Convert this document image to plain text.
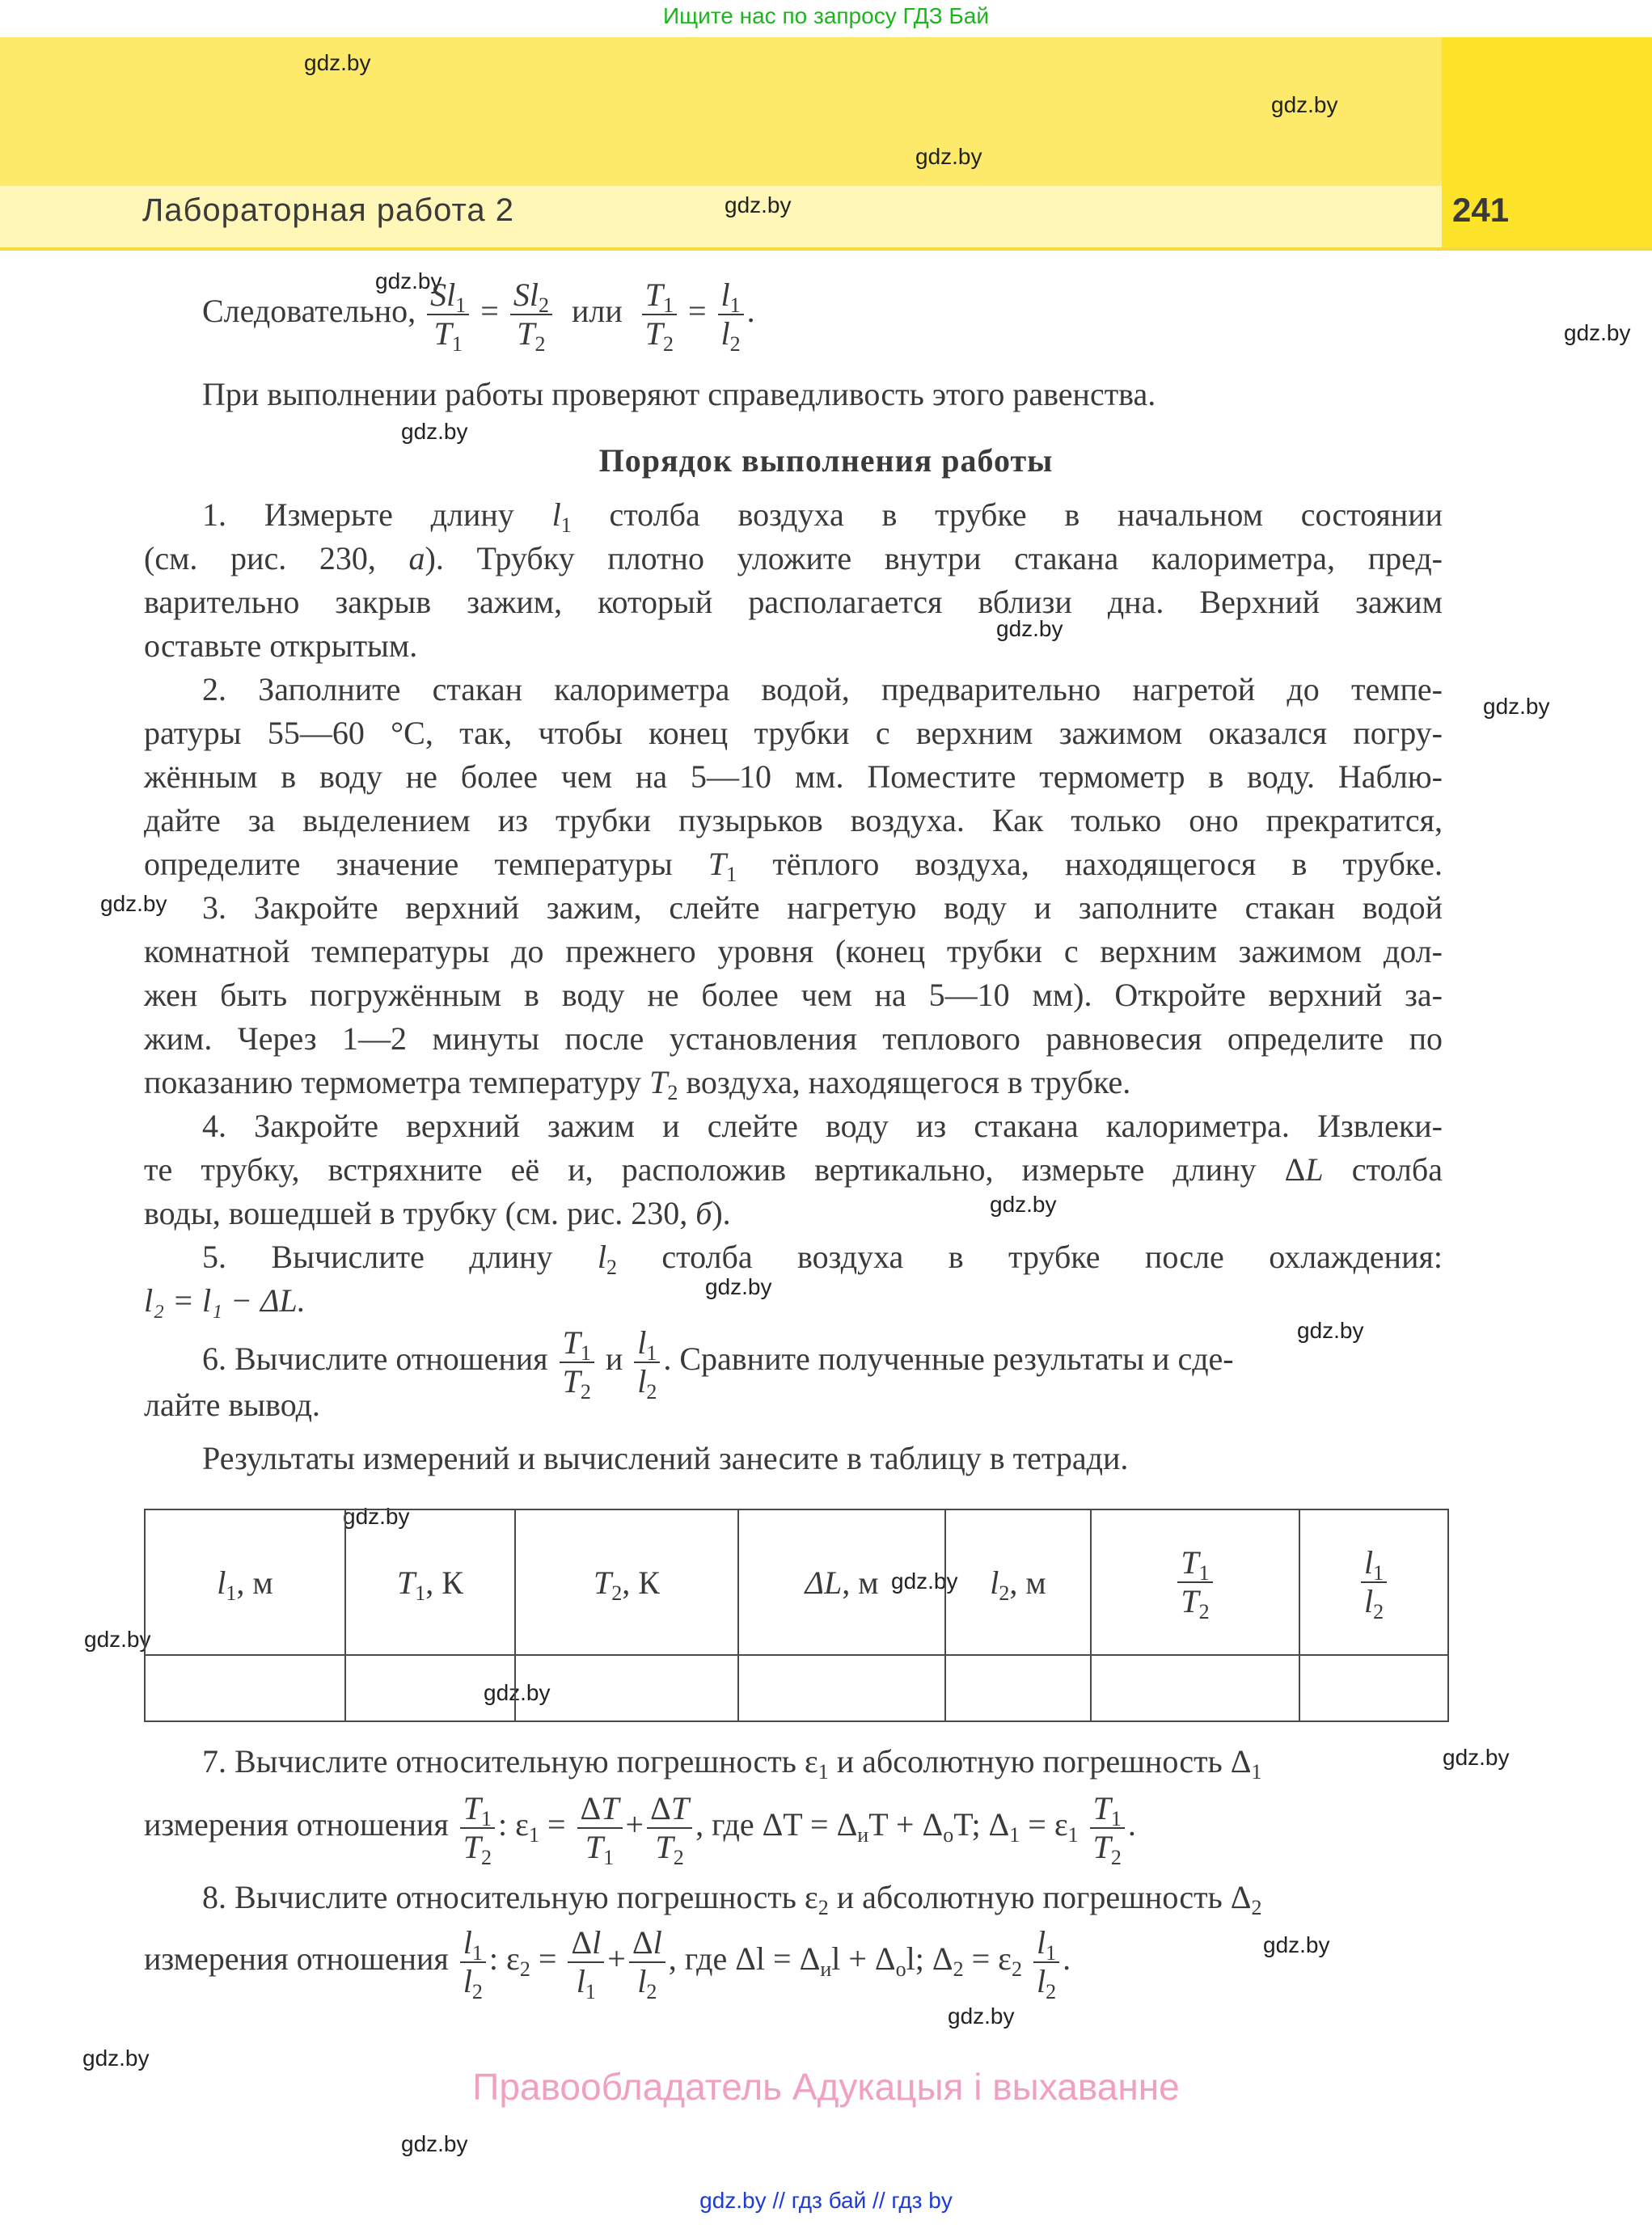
Ищите нас по запросу ГДЗ Бай
Лабораторная работа 2	241
gdz.by
gdz.by
gdz.by
gdz.by
gdz.by
gdz.by
gdz.by
gdz.by
gdz.by
gdz.by
gdz.by
gdz.by
gdz.by
gdz.by
gdz.by
gdz.by
gdz.by
gdz.by
gdz.by
gdz.by
gdz.by
gdz.by
Следовательно, $\frac{Sl_1}{T_1} = \frac{Sl_2}{T_2}$ или $\frac{T_1}{T_2} = \frac{l_1}{l_2}$ .
При выполнении работы проверяют справедливость этого равенства.
Порядок выполнения работы
1. Измерьте длину $l_1$ столба воздуха в трубке в начальном состоянии
(см. рис. 230, а). Трубку плотно уложите внутри стакана калориметра, пред-
варительно закрыв зажим, который располагается вблизи дна. Верхний зажим
оставьте открытым.
2. Заполните стакан калориметра водой, предварительно нагретой до темпе-
ратуры 55—60 °С, так, чтобы конец трубки с верхним зажимом оказался погру-
жённым в воду не более чем на 5—10 мм. Поместите термометр в воду. Наблю-
дайте за выделением из трубки пузырьков воздуха. Как только оно прекратится,
определите значение температуры $T_1$ тёплого воздуха, находящегося в трубке.
3. Закройте верхний зажим, слейте нагретую воду и заполните стакан водой
комнатной температуры до прежнего уровня (конец трубки с верхним зажимом дол-
жен быть погружённым в воду не более чем на 5—10 мм). Откройте верхний за-
жим. Через 1—2 минуты после установления теплового равновесия определите по
показанию термометра температуру $T_2$ воздуха, находящегося в трубке.
4. Закройте верхний зажим и слейте воду из стакана калориметра. Извлеки-
те трубку, встряхните её и, расположив вертикально, измерьте длину ΔL столба
воды, вошедшей в трубку (см. рис. 230, б).
5. Вычислите длину $l_2$ столба воздуха в трубке после охлаждения:
l₂ = l₁ − ΔL.
6. Вычислите отношения $\frac{T_1}{T_2}$ и $\frac{l_1}{l_2}$ . Сравните полученные результаты и сде-
лайте вывод.
Результаты измерений и вычислений занесите в таблицу в тетради.
$l_1$, м	$T_1$, К	$T_2$, К	ΔL, м	$l_2$, м	$\frac{T_1}{T_2}$	$\frac{l_1}{l_2}$

7. Вычислите относительную погрешность $\varepsilon_1$ и абсолютную погрешность $\Delta_1$
измерения отношения $\frac{T_1}{T_2}$ : $\varepsilon_1 = \frac{\Delta T}{T_1} + \frac{\Delta T}{T_2}$ , где $\Delta T = \Delta_иT + \Delta_оT$; $\Delta_1 = \varepsilon_1 \frac{T_1}{T_2}$ .
8. Вычислите относительную погрешность $\varepsilon_2$ и абсолютную погрешность $\Delta_2$
измерения отношения $\frac{l_1}{l_2}$ : $\varepsilon_2 = \frac{\Delta l}{l_1} + \frac{\Delta l}{l_2}$ , где $\Delta l = \Delta_иl + \Delta_оl$; $\Delta_2 = \varepsilon_2 \frac{l_1}{l_2}$ .
Правообладатель Адукацыя і выхаванне
gdz.by // гдз бай // гдз by
